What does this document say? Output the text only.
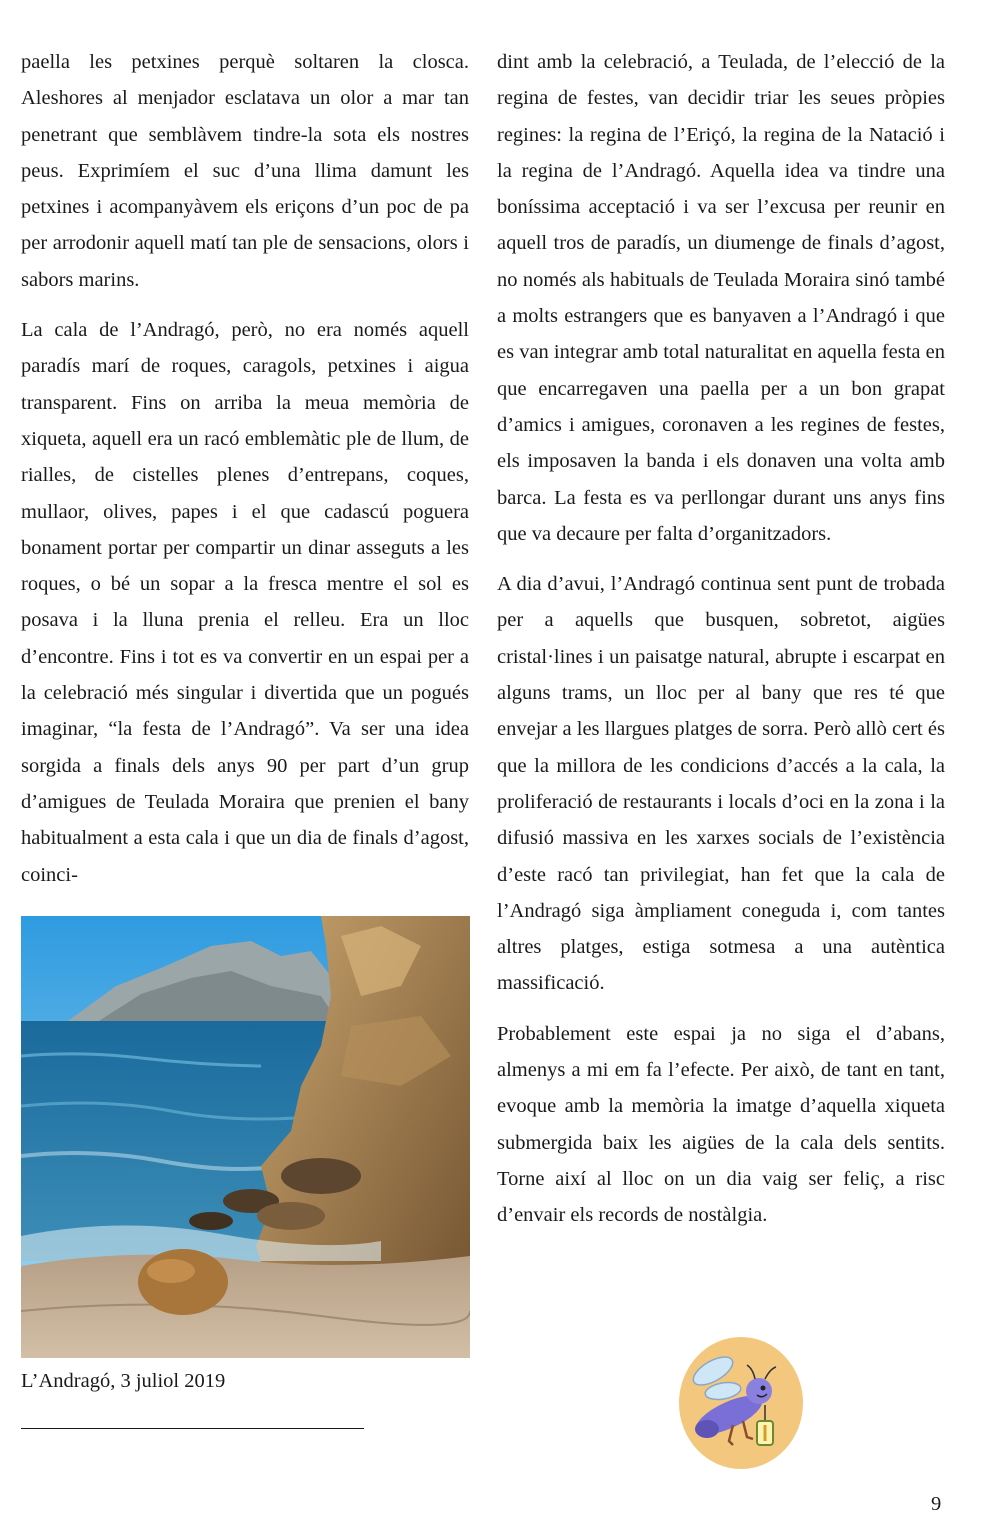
paella les petxines perquè soltaren la closca. Aleshores al menjador esclatava un olor a mar tan penetrant que semblàvem tindre-la sota els nostres peus. Exprimíem el suc d’una llima damunt les petxines i acompanyàvem els eriçons d’un poc de pa per arrodonir aquell matí tan ple de sensacions, olors i sabors marins.

La cala de l’Andragó, però, no era només aquell paradís marí de roques, caragols, petxines i aigua transparent. Fins on arriba la meua memòria de xiqueta, aquell era un racó emblemàtic ple de llum, de rialles, de cistelles plenes d’entrepans, coques, mullaor, olives, papes i el que cadascú poguera bonament portar per compartir un dinar asseguts a les roques, o bé un sopar a la fresca mentre el sol es posava i la lluna prenia el relleu. Era un lloc d’encontre. Fins i tot es va convertir en un espai per a la celebració més singular i divertida que un pogués imaginar, “la festa de l’Andragó”. Va ser una idea sorgida a finals dels anys 90 per part d’un grup d’amigues de Teulada Moraira que prenien el bany habitualment a esta cala i que un dia de finals d’agost, coinci-

dint amb la celebració, a Teulada, de l’elecció de la regina de festes, van decidir triar les seues pròpies regines: la regina de l’Eriçó, la regina de la Natació i la regina de l’Andragó. Aquella idea va tindre una boníssima acceptació i va ser l’excusa per reunir en aquell tros de paradís, un diumenge de finals d’agost, no només als habituals de Teulada Moraira sinó també a molts estrangers que es banyaven a l’Andragó i que es van integrar amb total naturalitat en aquella festa en que encarregaven una paella per a un bon grapat d’amics i amigues, coronaven a les regines de festes, els imposaven la banda i els donaven una volta amb barca. La festa es va perllongar durant uns anys fins que va decaure per falta d’organitzadors.

A dia d’avui, l’Andragó continua sent punt de trobada per a aquells que busquen, sobretot, aigües cristal·lines i un paisatge natural, abrupte i escarpat en alguns trams, un lloc per al bany que res té que envejar a les llargues platges de sorra. Però allò cert és que la millora de les condicions d’accés a la cala, la proliferació de restaurants i locals d’oci en la zona i la difusió massiva en les xarxes socials de l’existència d’este racó tan privilegiat, han fet que la cala de l’Andragó siga àmpliament coneguda i, com tantes altres platges, estiga sotmesa a una autèntica massificació.

Probablement este espai ja no siga el d’abans, almenys a mi em fa l’efecte. Per això, de tant en tant, evoque amb la memòria la imatge d’aquella xiqueta submergida baix les aigües de la cala dels sentits. Torne així al lloc on un dia vaig ser feliç, a risc d’envair els records de nostàlgia.

L’Andragó, 3 juliol 2019
9
